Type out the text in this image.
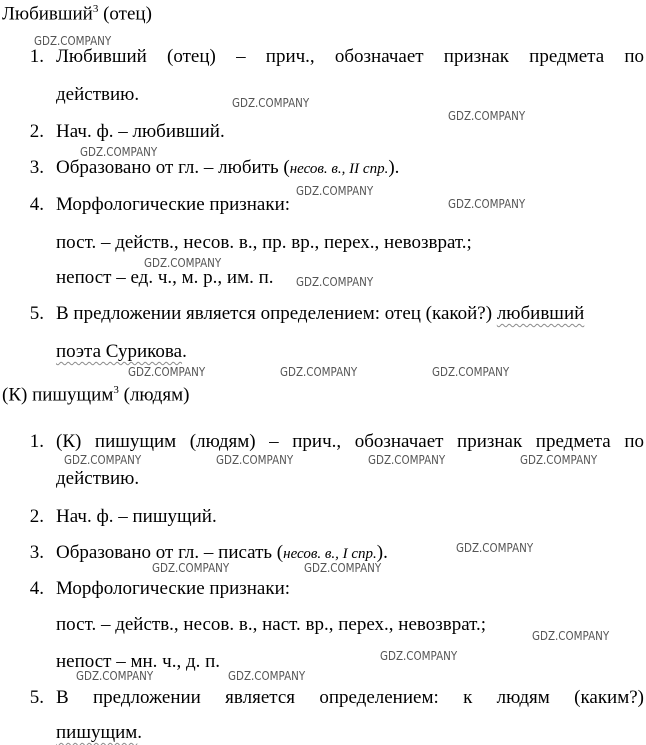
Любивший$^3$ (отец)
1. Любивший (отец) – прич., обозначает признак предмета по
действию.
2. Нач. ф. – любивший.
3. Образовано от гл. – любить (несов. в., II спр.).
4. Морфологические признаки:
пост. – действ., несов. в., пр. вр., перех., невозврат.;
непост – ед. ч., м. р., им. п.
5. В предложении является определением: отец (какой?) любивший
поэта Сурикова.
(К) пишущим$^3$ (людям)
1. (К) пишущим (людям) – прич., обозначает признак предмета по
действию.
2. Нач. ф. – пишущий.
3. Образовано от гл. – писать (несов. в., I спр.).
4. Морфологические признаки:
пост. – действ., несов. в., наст. вр., перех., невозврат.;
непост – мн. ч., д. п.
5. В предложении является определением: к людям (каким?)
пишущим.
GDZ.COMPANY
GDZ.COMPANY
GDZ.COMPANY
GDZ.COMPANY
GDZ.COMPANY
GDZ.COMPANY
GDZ.COMPANY
GDZ.COMPANY
GDZ.COMPANY	GDZ.COMPANY	GDZ.COMPANY
GDZ.COMPANY	GDZ.COMPANY	GDZ.COMPANY	GDZ.COMPANY
GDZ.COMPANY
GDZ.COMPANY	GDZ.COMPANY
GDZ.COMPANY
GDZ.COMPANY
GDZ.COMPANY	GDZ.COMPANY
